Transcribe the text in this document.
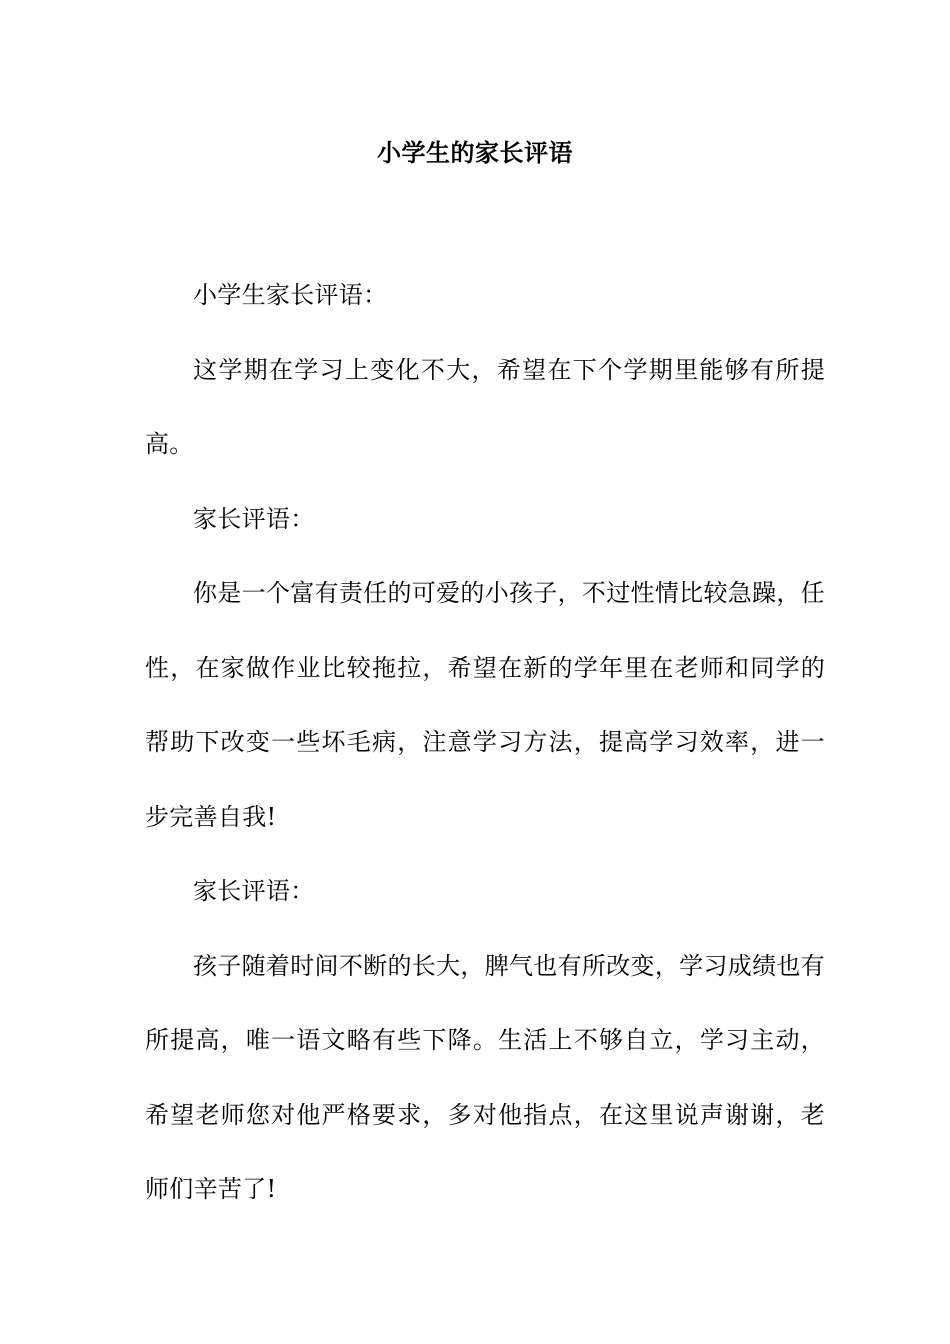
小学生的家长评语

小学生家长评语：

这学期在学习上变化不大，希望在下个学期里能够有所提高。

家长评语：

你是一个富有责任的可爱的小孩子，不过性情比较急躁，任性，在家做作业比较拖拉，希望在新的学年里在老师和同学的帮助下改变一些坏毛病，注意学习方法，提高学习效率，进一步完善自我!

家长评语：

孩子随着时间不断的长大，脾气也有所改变，学习成绩也有所提高，唯一语文略有些下降。生活上不够自立，学习主动，希望老师您对他严格要求，多对他指点，在这里说声谢谢，老师们辛苦了!
